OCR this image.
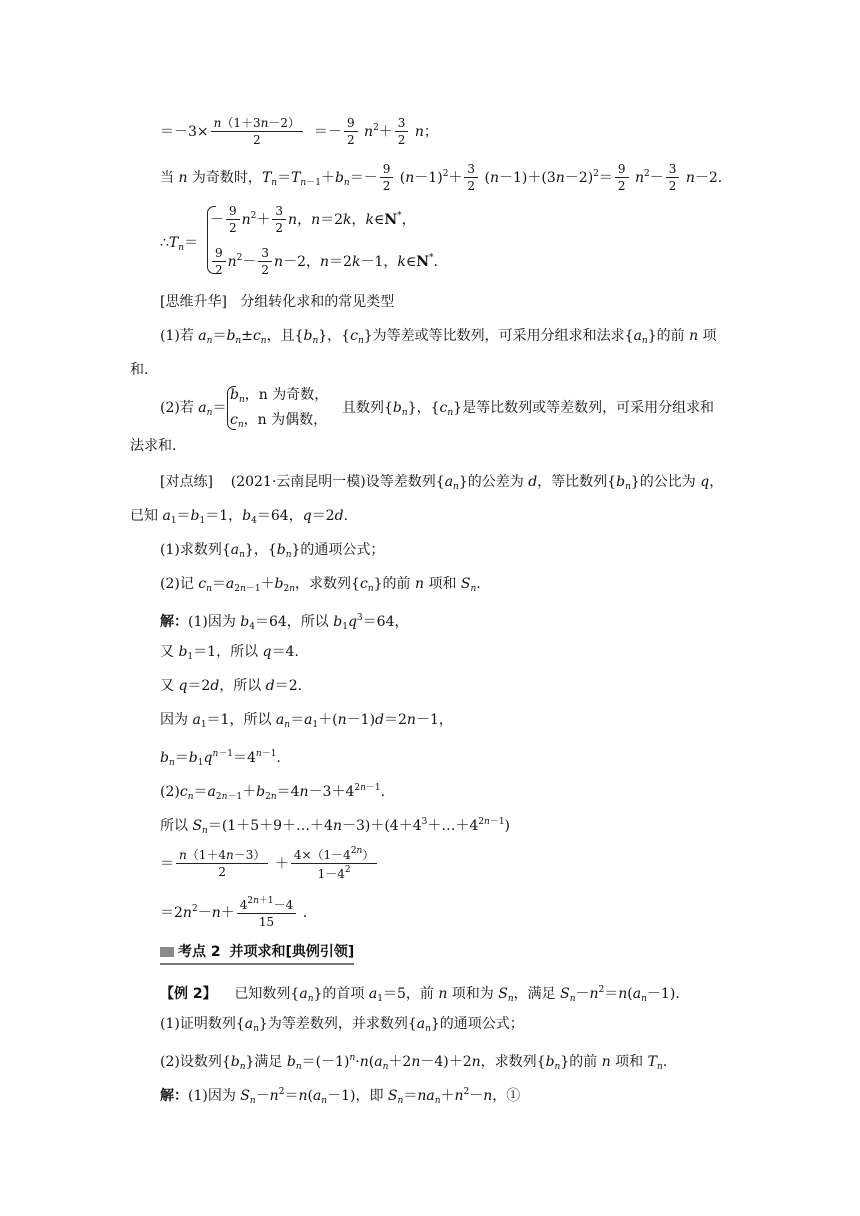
$=-3\times \frac{n(1+3n-2)}{2} =- \frac{9}{2} n^2+ \frac{3}{2}$ n；
当 n 为奇数时，$T_n=T_{n-1}+b_n=- \frac{9}{2} (n-1)^2+ \frac{3}{2} (n-1)+(3n-2)^2= \frac{9}{2} n^2- \frac{3}{2} n-2$.
$\therefore T_n=$
－ $\frac{9}{2} n^2+ \frac{3}{2}$ n，n＝2k，k∈N*，
$\frac{9}{2} n^2- \frac{3}{2} n-2$，n＝2k－1，k∈N*.
[思维升华] 分组转化求和的常见类型
(1)若 $a_n=b_n\pm c_n$，且$\{b_n\}$，$\{c_n\}$为等差或等比数列，可采用分组求和法求$\{a_n\}$的前 n 项
和.
(2)若 $a_n=$
$b_n$，n 为奇数，
$c_n$，n 为偶数，
且数列$\{b_n\}$，$\{c_n\}$是等比数列或等差数列，可采用分组求和
法求和.
[对点练] (2021·云南昆明一模)设等差数列$\{a_n\}$的公差为 d，等比数列$\{b_n\}$的公比为 q，
已知 $a_1=b_1=1$，$b_4=64$，q＝2d.
(1)求数列$\{a_n\}$，$\{b_n\}$的通项公式；
(2)记 $c_n=a_{2n-1}+b_{2n}$，求数列$\{c_n\}$的前 n 项和 $S_n$.
解：(1)因为 $b_4=64$，所以 $b_1q^3=64$，
又 $b_1=1$，所以 q＝4.
又 q＝2d，所以 d＝2.
因为 $a_1=1$，所以 $a_n=a_1+(n-1)d=2n-1$，
$b_n=b_1q^{n-1}=4^{n-1}$.
$(2)c_n=a_{2n-1}+b_{2n}=4n-3+4^{2n-1}$.
所以 $S_n=(1+5+9+\dots+4n-3)+(4+4^3+\dots+4^{2n-1})$
＝ $\frac{n(1+4n-3)}{2} + \frac{4\times(1-4^{2n})}{1-4^2}$
$=2n^2-n+ \frac{4^{2n+1}-4}{15}$ .
考点 2 并项求和[典例引领]
【例 2】    已知数列$\{a_n\}$的首项 $a_1=5$，前 n 项和为 $S_n$，满足 $S_n-n^2=n(a_n-1)$.
(1)证明数列$\{a_n\}$为等差数列，并求数列$\{a_n\}$的通项公式；
(2)设数列$\{b_n\}$满足 $b_n=(-1)^n\cdot n(a_n+2n-4)+2n$，求数列$\{b_n\}$的前 n 项和 $T_n$.
解：(1)因为 $S_n-n^2=n(a_n-1)$，即 $S_n=na_n+n^2-n$，①
